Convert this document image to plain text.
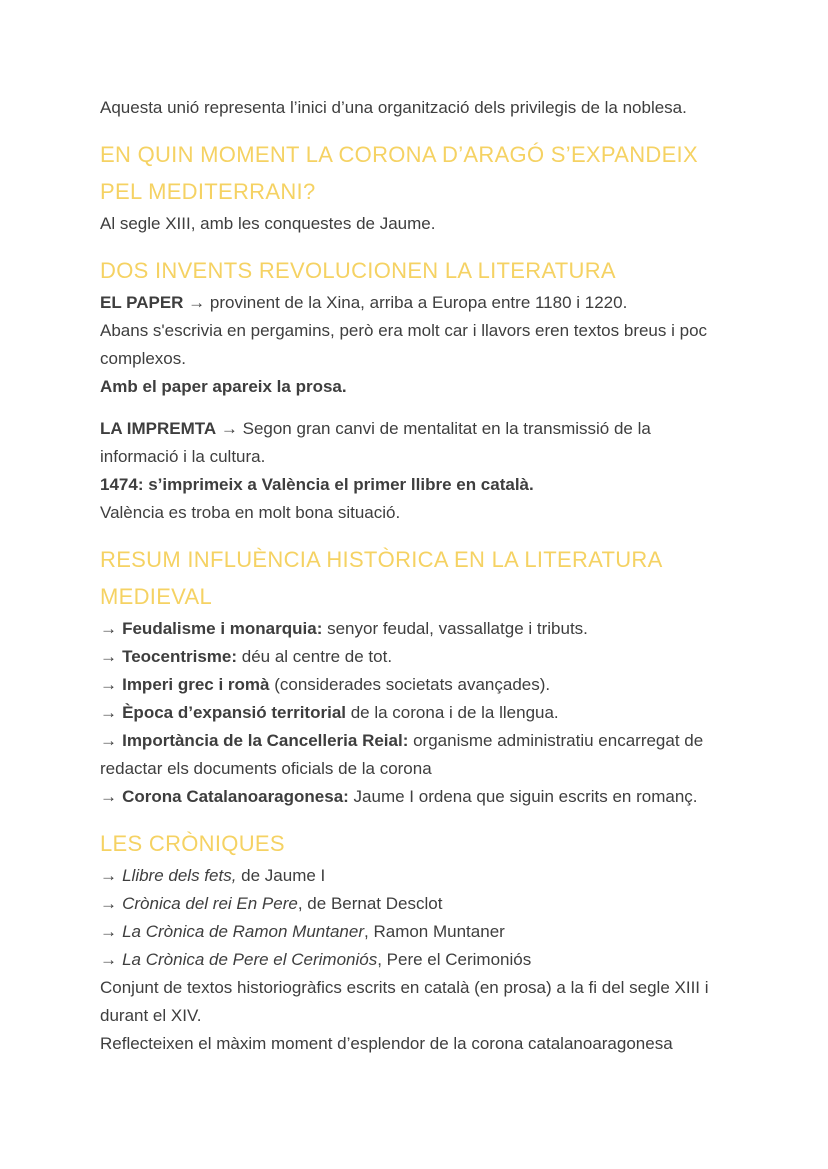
Aquesta unió representa l’inici d’una organització dels privilegis de la noblesa.

EN QUIN MOMENT LA CORONA D’ARAGÓ S’EXPANDEIX PEL MEDITERRANI?

Al segle XIII, amb les conquestes de Jaume.

DOS INVENTS REVOLUCIONEN LA LITERATURA

EL PAPER → provinent de la Xina, arriba a Europa entre 1180 i 1220.
Abans s'escrivia en pergamins, però era molt car i llavors eren textos breus i poc complexos.
Amb el paper apareix la prosa.

LA IMPREMTA → Segon gran canvi de mentalitat en la transmissió de la informació i la cultura.
1474: s’imprimeix a València el primer llibre en català.
València es troba en molt bona situació.

RESUM INFLUÈNCIA HISTÒRICA EN LA LITERATURA MEDIEVAL

→ Feudalisme i monarquia: senyor feudal, vassallatge i tributs.
→ Teocentrisme: déu al centre de tot.
→ Imperi grec i romà (considerades societats avançades).
→ Època d’expansió territorial de la corona i de la llengua.
→ Importància de la Cancelleria Reial: organisme administratiu encarregat de redactar els documents oficials de la corona
→ Corona Catalanoaragonesa: Jaume I ordena que siguin escrits en romanç.

LES CRÒNIQUES

→ Llibre dels fets, de Jaume I
→ Crònica del rei En Pere, de Bernat Desclot
→ La Crònica de Ramon Muntaner, Ramon Muntaner
→ La Crònica de Pere el Cerimoniós, Pere el Cerimoniós
Conjunt de textos historiogràfics escrits en català (en prosa) a la fi del segle XIII i durant el XIV.
Reflecteixen el màxim moment d’esplendor de la corona catalanoaragonesa
